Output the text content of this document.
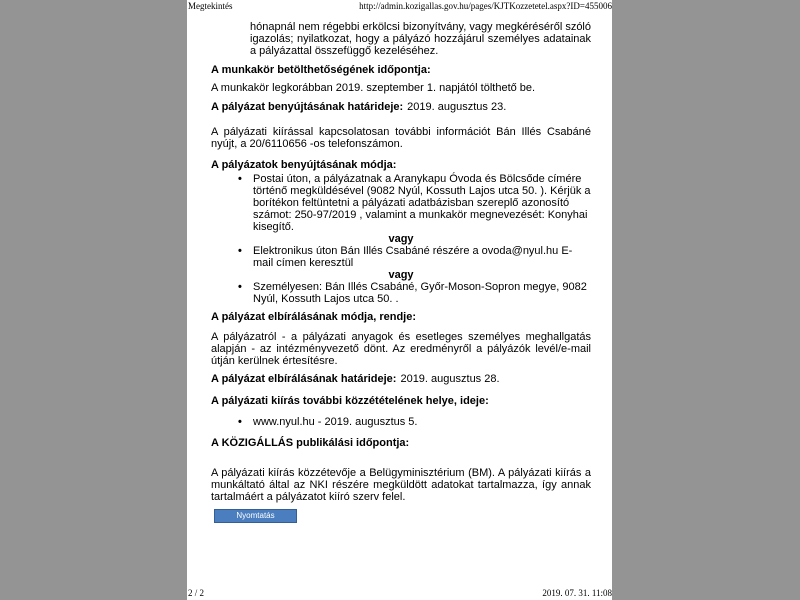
Megtekintés	http://admin.kozigallas.gov.hu/pages/KJTKozzetetel.aspx?ID=455006

hónapnál nem régebbi erkölcsi bizonyítvány, vagy megkéréséről szóló igazolás; nyilatkozat, hogy a pályázó hozzájárul személyes adatainak a pályázattal összefüggő kezeléséhez.

A munkakör betölthetőségének időpontja:

A munkakör legkorábban 2019. szeptember 1. napjától tölthető be.

A pályázat benyújtásának határideje: 2019. augusztus 23.

A pályázati kiírással kapcsolatosan további információt Bán Illés Csabáné nyújt, a 20/6110656 -os telefonszámon.

A pályázatok benyújtásának módja:

• Postai úton, a pályázatnak a Aranykapu Óvoda és Bölcsőde címére történő megküldésével (9082 Nyúl, Kossuth Lajos utca 50. ). Kérjük a borítékon feltüntetni a pályázati adatbázisban szereplő azonosító számot: 250-97/2019 , valamint a munkakör megnevezését: Konyhai kisegítő.

vagy

• Elektronikus úton Bán Illés Csabáné részére a ovoda@nyul.hu E-mail címen keresztül

vagy

• Személyesen: Bán Illés Csabáné, Győr-Moson-Sopron megye, 9082 Nyúl, Kossuth Lajos utca 50. .

A pályázat elbírálásának módja, rendje:

A pályázatról - a pályázati anyagok és esetleges személyes meghallgatás alapján - az intézményvezető dönt. Az eredményről a pályázók levél/e-mail útján kerülnek értesítésre.

A pályázat elbírálásának határideje: 2019. augusztus 28.

A pályázati kiírás további közzétételének helye, ideje:

• www.nyul.hu - 2019. augusztus 5.

A KÖZIGÁLLÁS publikálási időpontja:

A pályázati kiírás közzétevője a Belügyminisztérium (BM). A pályázati kiírás a munkáltató által az NKI részére megküldött adatokat tartalmazza, így annak tartalmáért a pályázatot kiíró szerv felel.

Nyomtatás
2 / 2	2019. 07. 31. 11:08
